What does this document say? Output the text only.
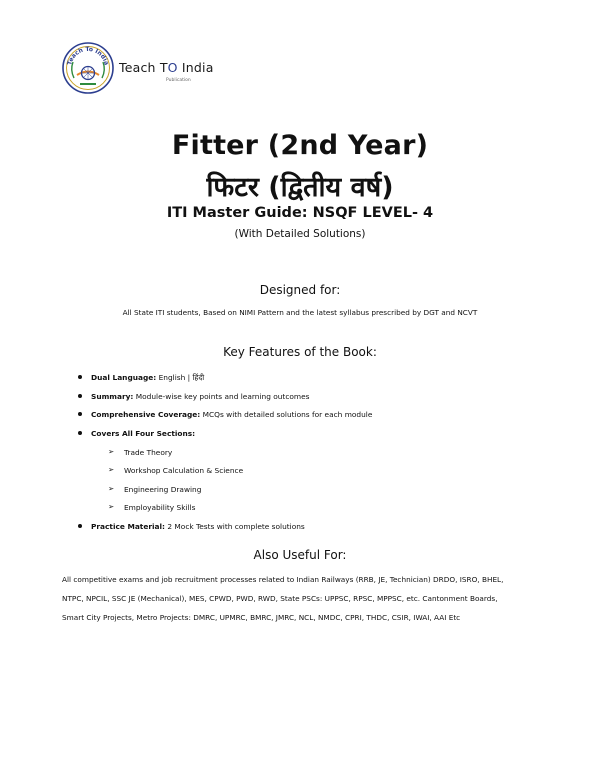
Teach To India Teach TO India
Publication
Fitter (2nd Year)
फिटर (द्वितीय वर्ष)
ITI Master Guide: NSQF LEVEL- 4
(With Detailed Solutions)
Designed for:
All State ITI students, Based on NIMI Pattern and the latest syllabus prescribed by DGT and NCVT
Key Features of the Book:
Dual Language: English | हिंदी
Summary: Module-wise key points and learning outcomes
Comprehensive Coverage: MCQs with detailed solutions for each module
Covers All Four Sections:
➢ Trade Theory
➢ Workshop Calculation & Science
➢ Engineering Drawing
➢ Employability Skills
Practice Material: 2 Mock Tests with complete solutions
Also Useful For:
All competitive exams and job recruitment processes related to Indian Railways (RRB, JE, Technician) DRDO, ISRO, BHEL,
NTPC, NPCIL, SSC JE (Mechanical), MES, CPWD, PWD, RWD, State PSCs: UPPSC, RPSC, MPPSC, etc. Cantonment Boards,
Smart City Projects, Metro Projects: DMRC, UPMRC, BMRC, JMRC, NCL, NMDC, CPRI, THDC, CSIR, IWAI, AAI Etc
